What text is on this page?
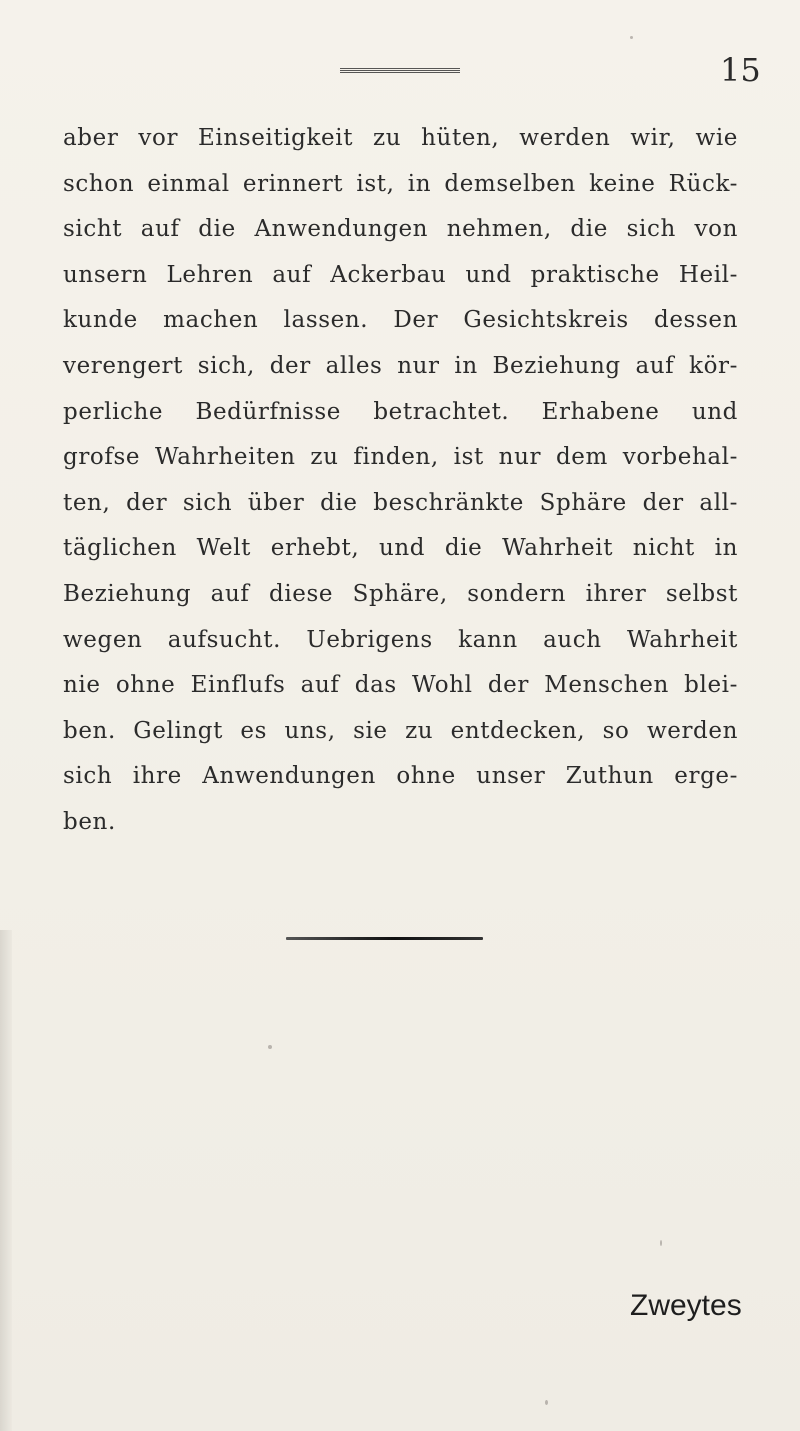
15
aber vor Einseitigkeit zu hüten, werden wir, wie
schon einmal erinnert ist, in demselben keine Rück-
sicht auf die Anwendungen nehmen, die sich von
unsern Lehren auf Ackerbau und praktische Heil-
kunde machen lassen. Der Gesichtskreis dessen
verengert sich, der alles nur in Beziehung auf kör-
perliche Bedürfnisse betrachtet. Erhabene und
grofse Wahrheiten zu finden, ist nur dem vorbehal-
ten, der sich über die beschränkte Sphäre der all-
täglichen Welt erhebt, und die Wahrheit nicht in
Beziehung auf diese Sphäre, sondern ihrer selbst
wegen aufsucht. Uebrigens kann auch Wahrheit
nie ohne Einflufs auf das Wohl der Menschen blei-
ben. Gelingt es uns, sie zu entdecken, so werden
sich ihre Anwendungen ohne unser Zuthun erge-
ben.
Zweytes
